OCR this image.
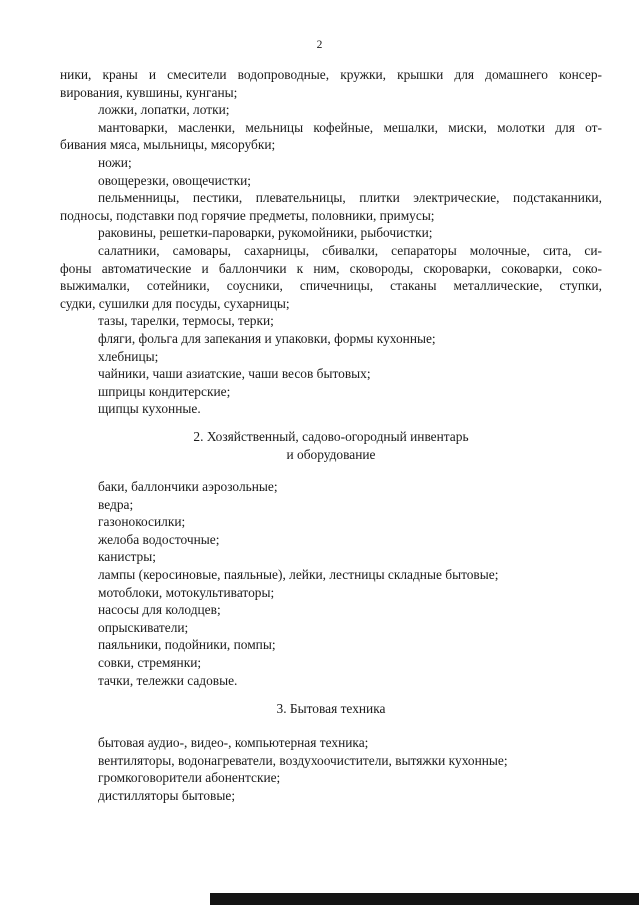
2
ники, краны и смесители водопроводные, кружки, крышки для домашнего консер-
вирования, кувшины, кунганы;
ложки, лопатки, лотки;
мантоварки, масленки, мельницы кофейные, мешалки, миски, молотки для от-
бивания мяса, мыльницы, мясорубки;
ножи;
овощерезки, овощечистки;
пельменницы, пестики, плевательницы, плитки электрические, подстаканники,
подносы, подставки под горячие предметы, половники, примусы;
раковины, решетки-пароварки, рукомойники, рыбочистки;
салатники, самовары, сахарницы, сбивалки, сепараторы молочные, сита, си-
фоны автоматические и баллончики к ним, сковороды, скороварки, соковарки, соко-
выжималки, сотейники, соусники, спичечницы, стаканы металлические, ступки,
судки, сушилки для посуды, сухарницы;
тазы, тарелки, термосы, терки;
фляги, фольга для запекания и упаковки, формы кухонные;
хлебницы;
чайники, чаши азиатские, чаши весов бытовых;
шприцы кондитерские;
щипцы кухонные.
2. Хозяйственный, садово-огородный инвентарь
и оборудование
баки, баллончики аэрозольные;
ведра;
газонокосилки;
желоба водосточные;
канистры;
лампы (керосиновые, паяльные), лейки, лестницы складные бытовые;
мотоблоки, мотокультиваторы;
насосы для колодцев;
опрыскиватели;
паяльники, подойники, помпы;
совки, стремянки;
тачки, тележки садовые.
3. Бытовая техника
бытовая аудио-, видео-, компьютерная техника;
вентиляторы, водонагреватели, воздухоочистители, вытяжки кухонные;
громкоговорители абонентские;
дистилляторы бытовые;
